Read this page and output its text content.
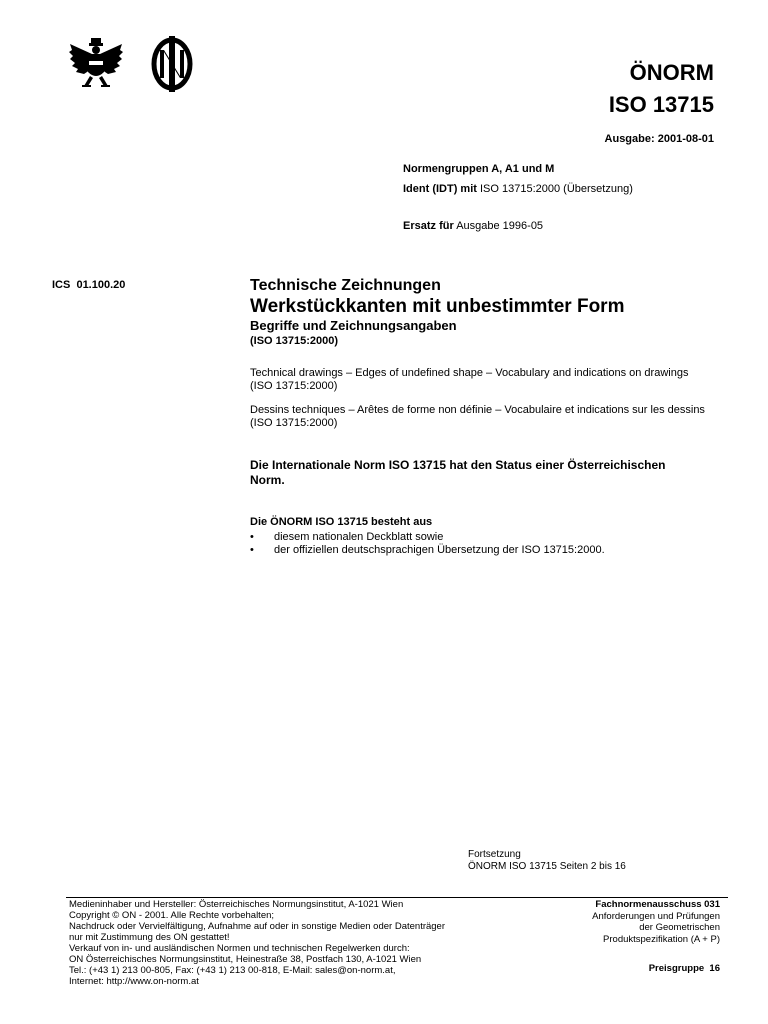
ÖNORM
ISO 13715
Ausgabe: 2001-08-01
Normengruppen A, A1 und M
Ident (IDT) mit ISO 13715:2000 (Übersetzung)
Ersatz für Ausgabe 1996-05
ICS  01.100.20	Technische Zeichnungen
Werkstückkanten mit unbestimmter Form
Begriffe und Zeichnungsangaben
(ISO 13715:2000)
Technical drawings – Edges of undefined shape – Vocabulary and indications on drawings
(ISO 13715:2000)
Dessins techniques – Arêtes de forme non définie – Vocabulaire et indications sur les dessins
(ISO 13715:2000)
Die Internationale Norm ISO 13715 hat den Status einer Österreichischen
Norm.
Die ÖNORM ISO 13715 besteht aus
• diesem nationalen Deckblatt sowie
• der offiziellen deutschsprachigen Übersetzung der ISO 13715:2000.
Fortsetzung
ÖNORM ISO 13715 Seiten 2 bis 16
Medieninhaber und Hersteller: Österreichisches Normungsinstitut, A-1021 Wien
Copyright © ON - 2001. Alle Rechte vorbehalten;
Nachdruck oder Vervielfältigung, Aufnahme auf oder in sonstige Medien oder Datenträger
nur mit Zustimmung des ON gestattet!
Verkauf von in- und ausländischen Normen und technischen Regelwerken durch:
ON Österreichisches Normungsinstitut, Heinestraße 38, Postfach 130, A-1021 Wien
Tel.: (+43 1) 213 00-805, Fax: (+43 1) 213 00-818, E-Mail: sales@on-norm.at,
Internet: http://www.on-norm.at
Fachnormenausschuss 031
Anforderungen und Prüfungen
der Geometrischen
Produktspezifikation (A + P)
Preisgruppe  16
